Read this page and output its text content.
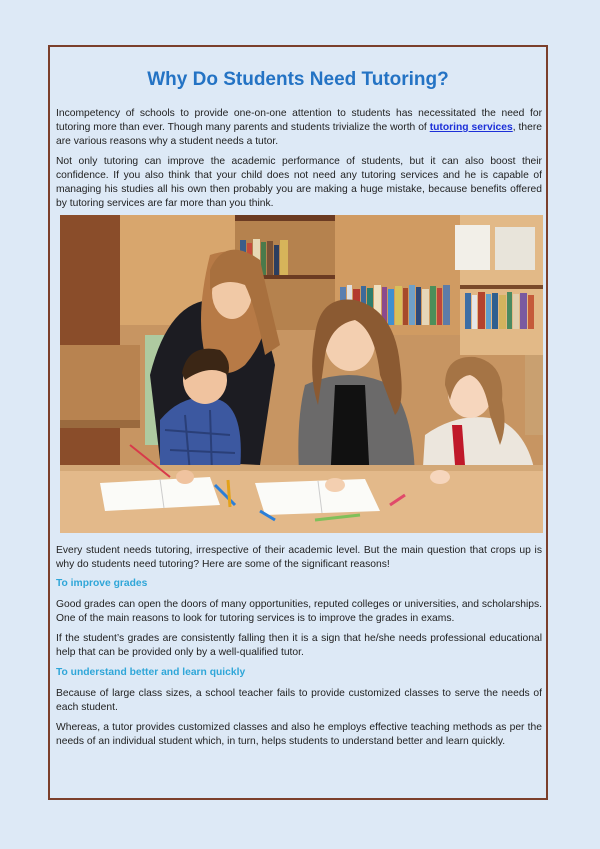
Why Do Students Need Tutoring?

Incompetency of schools to provide one-on-one attention to students has necessitated the need for tutoring more than ever. Though many parents and students trivialize the worth of tutoring services, there are various reasons why a student needs a tutor.

Not only tutoring can improve the academic performance of students, but it can also boost their confidence. If you also think that your child does not need any tutoring services and he is capable of managing his studies all his own then probably you are making a huge mistake, because benefits offered by tutoring services are far more than you think.

Every student needs tutoring, irrespective of their academic level. But the main question that crops up is why do students need tutoring? Here are some of the significant reasons!

To improve grades

Good grades can open the doors of many opportunities, reputed colleges or universities, and scholarships. One of the main reasons to look for tutoring services is to improve the grades in exams.

If the student’s grades are consistently falling then it is a sign that he/she needs professional educational help that can be provided only by a well-qualified tutor.

To understand better and learn quickly

Because of large class sizes, a school teacher fails to provide customized classes to serve the needs of each student.

Whereas, a tutor provides customized classes and also he employs effective teaching methods as per the needs of an individual student which, in turn, helps students to understand better and learn quickly.
